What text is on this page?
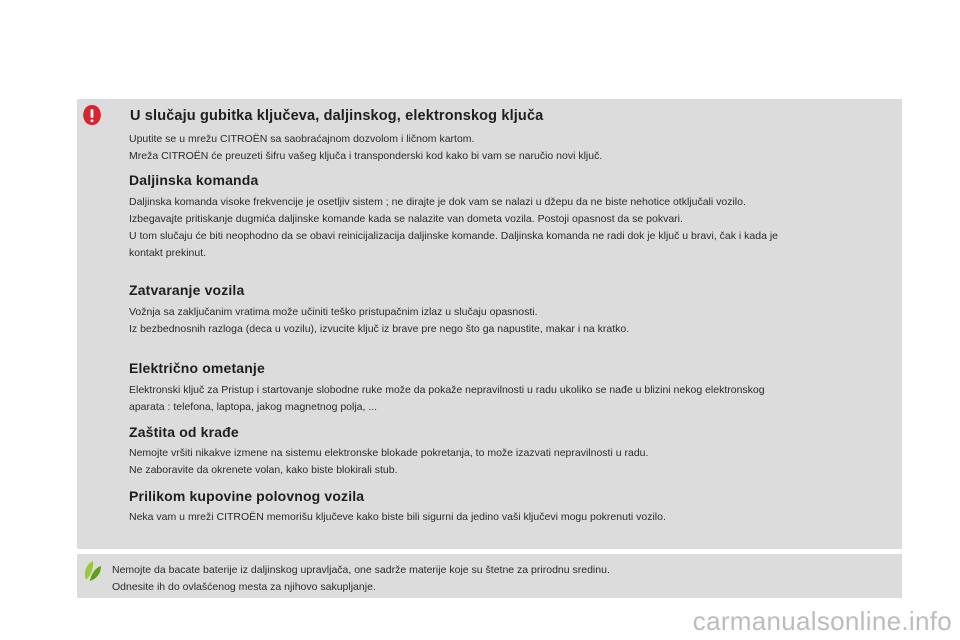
U slučaju gubitka ključeva, daljinskog, elektronskog ključa

Uputite se u mrežu CITROËN sa saobraćajnom dozvolom i ličnom kartom.
Mreža CITROËN će preuzeti šifru vašeg ključa i transponderski kod kako bi vam se naručio novi ključ.

Daljinska komanda

Daljinska komanda visoke frekvencije je osetljiv sistem ; ne dirajte je dok vam se nalazi u džepu da ne biste nehotice otključali vozilo.
Izbegavajte pritiskanje dugmića daljinske komande kada se nalazite van dometa vozila. Postoji opasnost da se pokvari.
U tom slučaju će biti neophodno da se obavi reinicijalizacija daljinske komande. Daljinska komanda ne radi dok je ključ u bravi, čak i kada je
kontakt prekinut.

Zatvaranje vozila

Vožnja sa zaključanim vratima može učiniti teško pristupačnim izlaz u slučaju opasnosti.
Iz bezbednosnih razloga (deca u vozilu), izvucite ključ iz brave pre nego što ga napustite, makar i na kratko.

Električno ometanje

Elektronski ključ za Pristup i startovanje slobodne ruke može da pokaže nepravilnosti u radu ukoliko se nađe u blizini nekog elektronskog
aparata : telefona, laptopa, jakog magnetnog polja, ...

Zaštita od krađe

Nemojte vršiti nikakve izmene na sistemu elektronske blokade pokretanja, to može izazvati nepravilnosti u radu.
Ne zaboravite da okrenete volan, kako biste blokirali stub.

Prilikom kupovine polovnog vozila

Neka vam u mreži CITROËN memorišu ključeve kako biste bili sigurni da jedino vaši ključevi mogu pokrenuti vozilo.

Nemojte da bacate baterije iz daljinskog upravljača, one sadrže materije koje su štetne za prirodnu sredinu.
Odnesite ih do ovlašćenog mesta za njihovo sakupljanje.

carmanualsonline.info
